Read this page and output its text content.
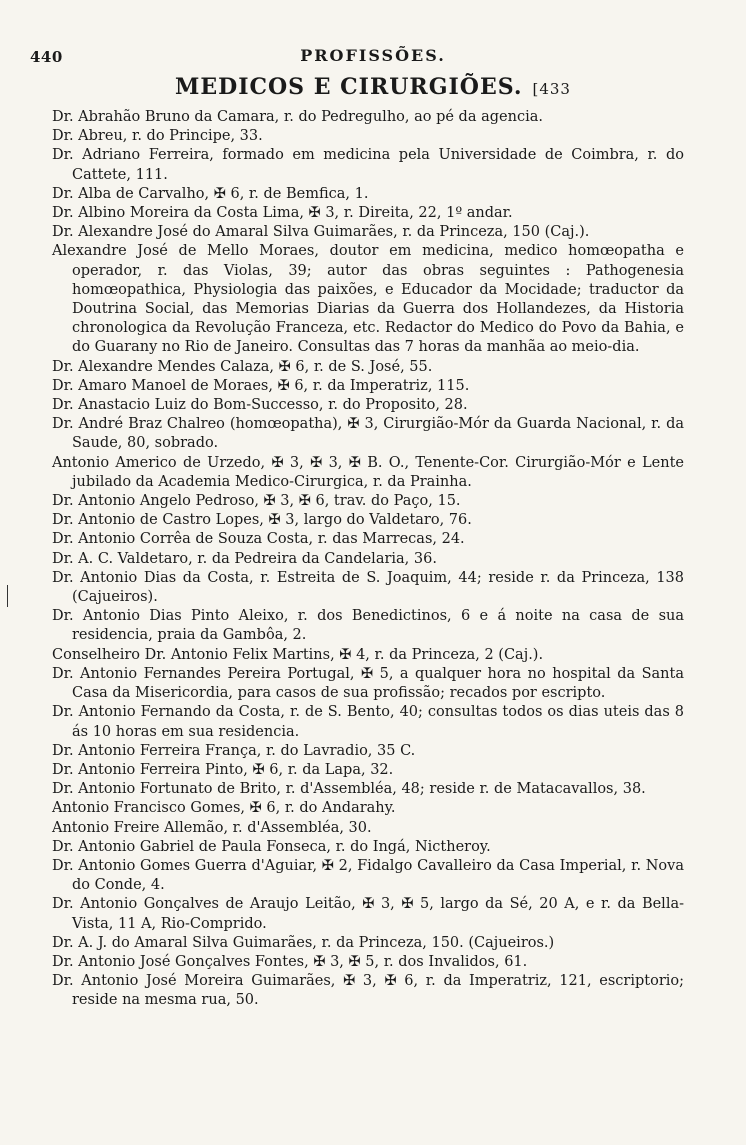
440	PROFISSÕES.
MEDICOS E CIRURGIÕES. [433

Dr. Abrahão Bruno da Camara, r. do Pedregulho, ao pé da agencia.

Dr. Abreu, r. do Principe, 33.

Dr. Adriano Ferreira, formado em medicina pela Universidade de Coimbra, r. do Cattete, 111.

Dr. Alba de Carvalho, ✠ 6, r. de Bemfica, 1.

Dr. Albino Moreira da Costa Lima, ✠ 3, r. Direita, 22, 1º andar.

Dr. Alexandre José do Amaral Silva Guimarães, r. da Princeza, 150 (Caj.).

Alexandre José de Mello Moraes, doutor em medicina, medico homœopatha e operador, r. das Violas, 39; autor das obras seguintes : Pathogenesia homœopathica, Physiologia das paixões, e Educador da Mocidade; traductor da Doutrina Social, das Memorias Diarias da Guerra dos Hollandezes, da Historia chronologica da Revolução Franceza, etc. Redactor do Medico do Povo da Bahia, e do Guarany no Rio de Janeiro. Consultas das 7 horas da manhãa ao meio-dia.

Dr. Alexandre Mendes Calaza, ✠ 6, r. de S. José, 55.

Dr. Amaro Manoel de Moraes, ✠ 6, r. da Imperatriz, 115.

Dr. Anastacio Luiz do Bom-Successo, r. do Proposito, 28.

Dr. André Braz Chalreo (homœopatha), ✠ 3, Cirurgião-Mór da Guarda Nacional, r. da Saude, 80, sobrado.

Antonio Americo de Urzedo, ✠ 3, ✠ 3, ✠ B. O., Tenente-Cor. Cirurgião-Mór e Lente jubilado da Academia Medico-Cirurgica, r. da Prainha.

Dr. Antonio Angelo Pedroso, ✠ 3, ✠ 6, trav. do Paço, 15.

Dr. Antonio de Castro Lopes, ✠ 3, largo do Valdetaro, 76.

Dr. Antonio Corrêa de Souza Costa, r. das Marrecas, 24.

Dr. A. C. Valdetaro, r. da Pedreira da Candelaria, 36.

Dr. Antonio Dias da Costa, r. Estreita de S. Joaquim, 44; reside r. da Princeza, 138 (Cajueiros).

Dr. Antonio Dias Pinto Aleixo, r. dos Benedictinos, 6 e á noite na casa de sua residencia, praia da Gambôa, 2.

Conselheiro Dr. Antonio Felix Martins, ✠ 4, r. da Princeza, 2 (Caj.).

Dr. Antonio Fernandes Pereira Portugal, ✠ 5, a qualquer hora no hospital da Santa Casa da Misericordia, para casos de sua profissão; recados por escripto.

Dr. Antonio Fernando da Costa, r. de S. Bento, 40; consultas todos os dias uteis das 8 ás 10 horas em sua residencia.

Dr. Antonio Ferreira França, r. do Lavradio, 35 C.

Dr. Antonio Ferreira Pinto, ✠ 6, r. da Lapa, 32.

Dr. Antonio Fortunato de Brito, r. d'Assembléa, 48; reside r. de Matacavallos, 38.

Antonio Francisco Gomes, ✠ 6, r. do Andarahy.

Antonio Freire Allemão, r. d'Assembléa, 30.

Dr. Antonio Gabriel de Paula Fonseca, r. do Ingá, Nictheroy.

Dr. Antonio Gomes Guerra d'Aguiar, ✠ 2, Fidalgo Cavalleiro da Casa Imperial, r. Nova do Conde, 4.

Dr. Antonio Gonçalves de Araujo Leitão, ✠ 3, ✠ 5, largo da Sé, 20 A, e r. da Bella-Vista, 11 A, Rio-Comprido.

Dr. A. J. do Amaral Silva Guimarães, r. da Princeza, 150. (Cajueiros.)

Dr. Antonio José Gonçalves Fontes, ✠ 3, ✠ 5, r. dos Invalidos, 61.

Dr. Antonio José Moreira Guimarães, ✠ 3, ✠ 6, r. da Imperatriz, 121, escriptorio; reside na mesma rua, 50.
